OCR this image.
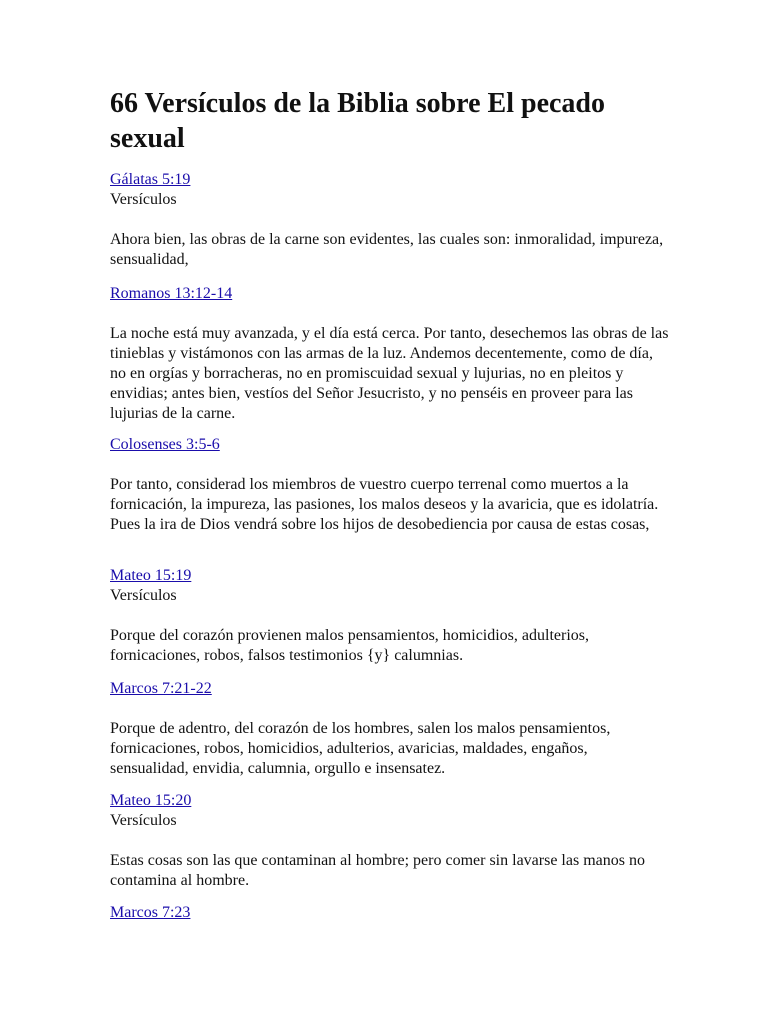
66 Versículos de la Biblia sobre El pecado sexual
Gálatas 5:19
Versículos

Ahora bien, las obras de la carne son evidentes, las cuales son: inmoralidad, impureza, sensualidad,

Romanos 13:12-14

La noche está muy avanzada, y el día está cerca. Por tanto, desechemos las obras de las tinieblas y vistámonos con las armas de la luz. Andemos decentemente, como de día, no en orgías y borracheras, no en promiscuidad sexual y lujurias, no en pleitos y envidias; antes bien, vestíos del Señor Jesucristo, y no penséis en proveer para las lujurias de la carne.

Colosenses 3:5-6

Por tanto, considerad los miembros de vuestro cuerpo terrenal como muertos a la fornicación, la impureza, las pasiones, los malos deseos y la avaricia, que es idolatría. Pues la ira de Dios vendrá sobre los hijos de desobediencia por causa de estas cosas,

Mateo 15:19
Versículos

Porque del corazón provienen malos pensamientos, homicidios, adulterios, fornicaciones, robos, falsos testimonios {y} calumnias.

Marcos 7:21-22

Porque de adentro, del corazón de los hombres, salen los malos pensamientos, fornicaciones, robos, homicidios, adulterios, avaricias, maldades, engaños, sensualidad, envidia, calumnia, orgullo e insensatez.

Mateo 15:20
Versículos

Estas cosas son las que contaminan al hombre; pero comer sin lavarse las manos no contamina al hombre.

Marcos 7:23
